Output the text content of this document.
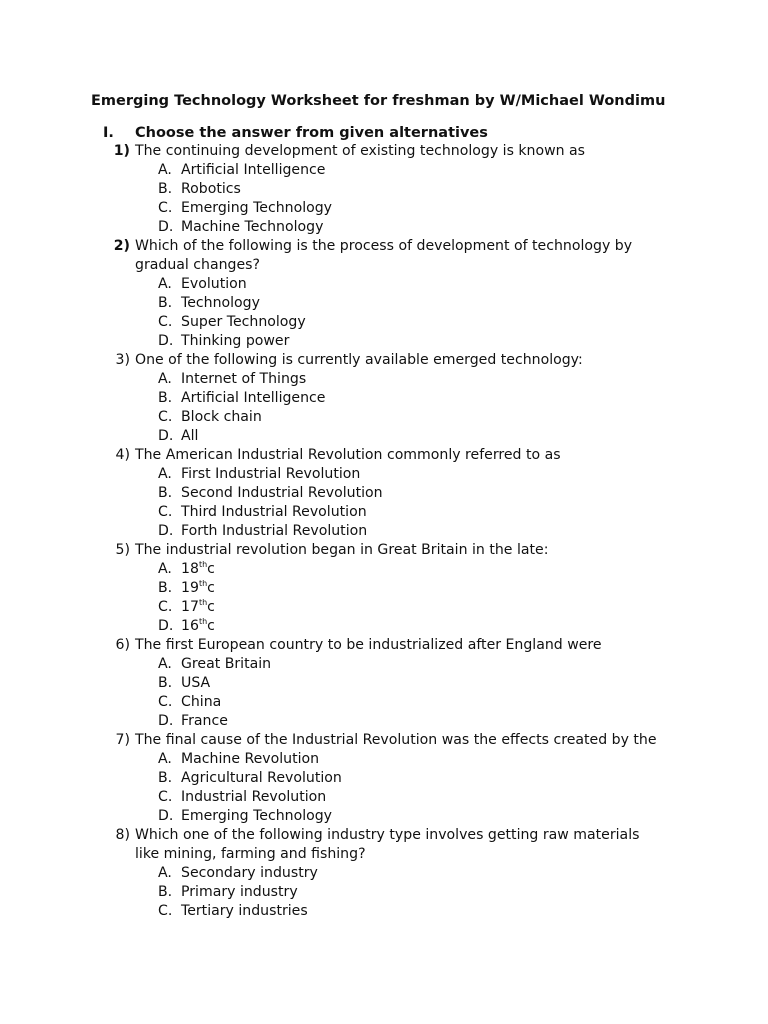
Emerging Technology Worksheet for freshman by W/Michael Wondimu
I. Choose the answer from given alternatives
1) The continuing development of existing technology is known as
A. Artificial Intelligence
B. Robotics
C. Emerging Technology
D. Machine Technology
2) Which of the following is the process of development of technology by gradual changes?
A. Evolution
B. Technology
C. Super Technology
D. Thinking power
3) One of the following is currently available emerged technology:
A. Internet of Things
B. Artificial Intelligence
C. Block chain
D. All
4) The American Industrial Revolution commonly referred to as
A. First Industrial Revolution
B. Second Industrial Revolution
C. Third Industrial Revolution
D. Forth Industrial Revolution
5) The industrial revolution began in Great Britain in the late:
A. 18thc
B. 19thc
C. 17thc
D. 16thc
6) The first European country to be industrialized after England were
A. Great Britain
B. USA
C. China
D. France
7) The final cause of the Industrial Revolution was the effects created by the
A. Machine Revolution
B. Agricultural Revolution
C. Industrial Revolution
D. Emerging Technology
8) Which one of the following industry type involves getting raw materials like mining, farming and fishing?
A. Secondary industry
B. Primary industry
C. Tertiary industries
